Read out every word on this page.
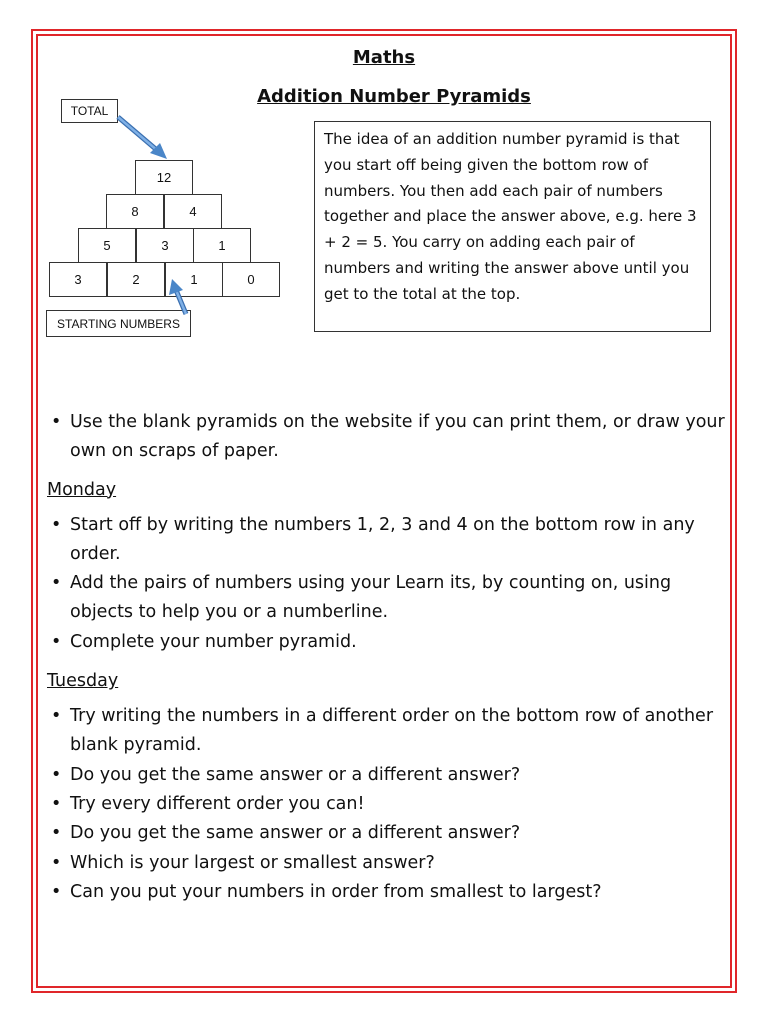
Maths
Addition Number Pyramids
TOTAL
12
8	4
5	3	1
3	2	1	0
STARTING NUMBERS
The idea of an addition number pyramid is that you start off being given the bottom row of numbers. You then add each pair of numbers together and place the answer above, e.g. here 3 + 2 = 5. You carry on adding each pair of numbers and writing the answer above until you get to the total at the top.
• Use the blank pyramids on the website if you can print them, or draw your own on scraps of paper.
Monday
• Start off by writing the numbers 1, 2, 3 and 4 on the bottom row in any order.
• Add the pairs of numbers using your Learn its, by counting on, using objects to help you or a numberline.
• Complete your number pyramid.
Tuesday
• Try writing the numbers in a different order on the bottom row of another blank pyramid.
• Do you get the same answer or a different answer?
• Try every different order you can!
• Do you get the same answer or a different answer?
• Which is your largest or smallest answer?
• Can you put your numbers in order from smallest to largest?
